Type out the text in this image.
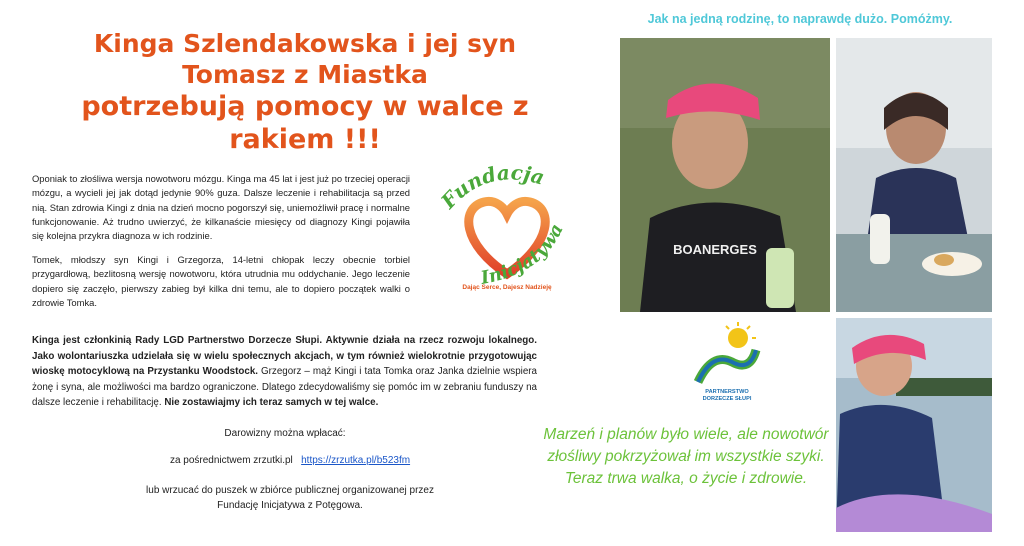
Kinga Szlendakowska i jej syn
Tomasz z Miastka
potrzebują pomocy w walce z
rakiem !!!
Oponiak to złośliwa wersja nowotworu mózgu. Kinga ma 45 lat i jest już po trzeciej operacji mózgu, a wycieli jej jak dotąd jedynie 90% guza. Dalsze leczenie i rehabilitacja są przed nią. Stan zdrowia Kingi z dnia na dzień mocno pogorszył się, uniemożliwił pracę i normalne funkcjonowanie. Aż trudno uwierzyć, że kilkanaście miesięcy od diagnozy Kingi pojawiła się kolejna przykra diagnoza w ich rodzinie.
Tomek, młodszy syn Kingi i Grzegorza, 14-letni chłopak leczy obecnie torbiel przygardłową, bezlitosną wersję nowotworu, która utrudnia mu oddychanie. Jego leczenie dopiero się zaczęło, pierwszy zabieg był kilka dni temu, ale to dopiero początek walki o zdrowie Tomka.
Kinga jest członkinią Rady LGD Partnerstwo Dorzecze Słupi. Aktywnie działa na rzecz rozwoju lokalnego. Jako wolontariuszka udzielała się w wielu społecznych akcjach, w tym również wielokrotnie przygotowując wioskę motocyklową na Przystanku Woodstock. Grzegorz – mąż Kingi i tata Tomka oraz Janka dzielnie wspiera żonę i syna, ale możliwości ma bardzo ograniczone. Dlatego zdecydowaliśmy się pomóc im w zebraniu funduszy na dalsze leczenie i rehabilitację. Nie zostawiajmy ich teraz samych w tej walce.
Darowizny można wpłacać:
za pośrednictwem zrzutki.pl https://zrzutka.pl/b523fm
lub wrzucać do puszek w zbiórce publicznej organizowanej przez
Fundację Inicjatywa z Potęgowa.
Fundacja
Inicjatywa
Dając Serce, Dajesz Nadzieję
Jak na jedną rodzinę, to naprawdę dużo. Pomóżmy.
BOANERGES
PARTNERSTWO
DORZECZE SŁUPI
Marzeń i planów było wiele, ale nowotwór złośliwy pokrzyżował im wszystkie szyki. Teraz trwa walka, o życie i zdrowie.
